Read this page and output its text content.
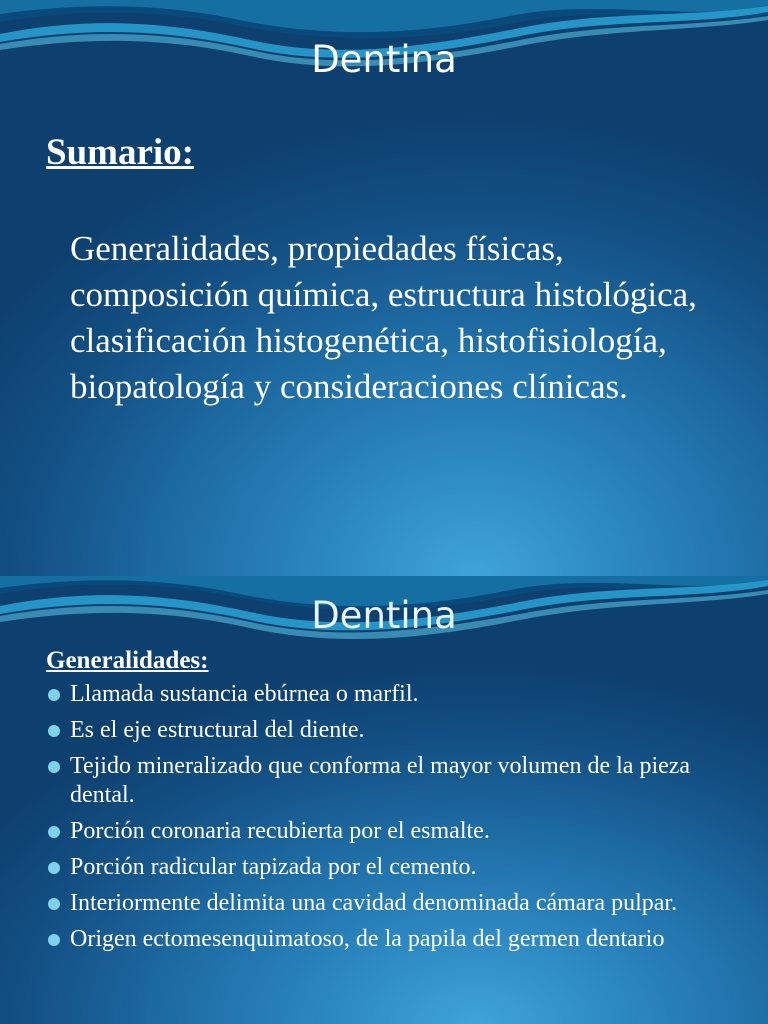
Dentina
Sumario:

Generalidades, propiedades físicas, composición química, estructura histológica, clasificación histogenética, histofisiología, biopatología y consideraciones clínicas.

Dentina
Generalidades:
Llamada sustancia ebúrnea o marfil.
Es el eje estructural del diente.
Tejido mineralizado que conforma el mayor volumen de la pieza dental.
Porción coronaria recubierta por el esmalte.
Porción radicular tapizada por el cemento.
Interiormente delimita una cavidad denominada cámara pulpar.
Origen ectomesenquimatoso, de la papila del germen dentario
